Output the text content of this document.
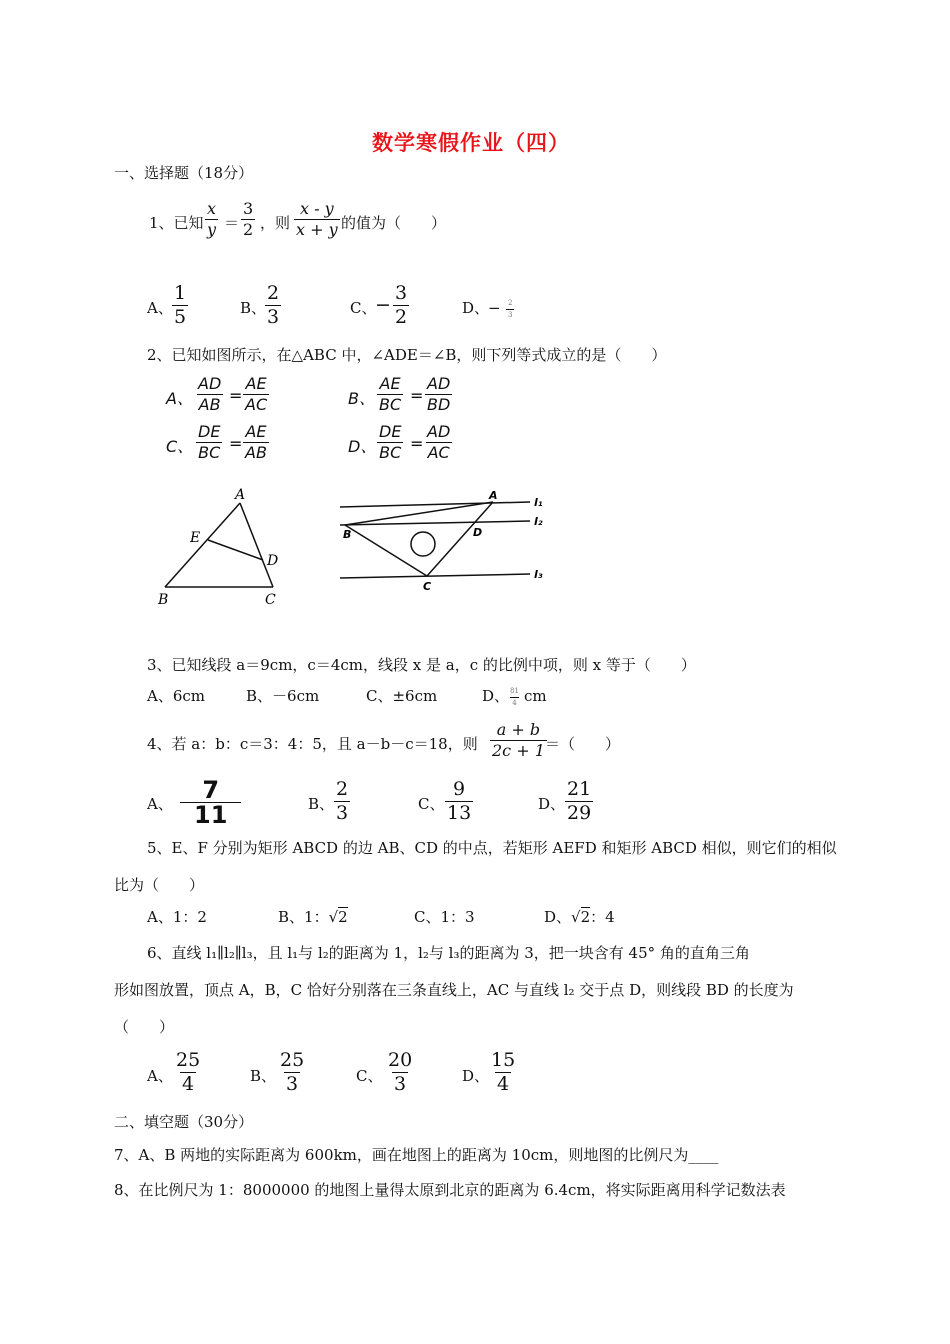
数学寒假作业（四）
一、选择题（18分）
1、已知 $\frac{x}{y} = \frac{3}{2}$ ，则 $\frac{x - y}{x + y}$ 的值为（　　）
A、 $\frac{1}{5}$	B、
$\frac{2}{3}$	C、
− $\frac{3}{2}$	D、
− $\frac{2}{3}$
2、已知如图所示，在△ABC 中，∠ADE＝∠B，则下列等式成立的是（　　）
A、 $\frac{AD}{AB} = \frac{AE}{AC}$	B、 $\frac{AE}{BC} = \frac{AD}{BD}$
C、 $\frac{DE}{BC} = \frac{AE}{AB}$	D、 $\frac{DE}{BC} = \frac{AD}{AC}$
A
E
D
B	C
A
B
C
D
l₁
l₂
l₃
3、已知线段 a＝9cm，c＝4cm，线段 x 是 a，c 的比例中项，则 x 等于（　　）
A、6cm	B、－6cm	C、±6cm	D、
$\frac{81}{4}$ cm
4、若 a：b：c＝3：4：5，且 a－b－c＝18，则 $\frac{a + b}{2c + 1}$
＝（　　）
A、 $\frac{7}{11}$	B、 $\frac{2}{3}$	C、 $\frac{9}{13}$	D、 $\frac{21}{29}$
5、E、F 分别为矩形 ABCD 的边 AB、CD 的中点，若矩形 AEFD 和矩形 ABCD 相似，则它们的相似
比为（　　）
A、1：2	B、1：√2	C、1：3	D、√2：4
6、直线 l₁∥l₂∥l₃，且 l₁与 l₂的距离为 1，l₂与 l₃的距离为 3，把一块含有 45° 角的直角三角
形如图放置，顶点 A，B，C 恰好分别落在三条直线上，AC 与直线 l₂ 交于点 D，则线段 BD 的长度为
（　　）
A、 $\frac{25}{4}$	B、 $\frac{25}{3}$	C、 $\frac{20}{3}$	D、 $\frac{15}{4}$
二、填空题（30分）
7、A、B 两地的实际距离为 600km，画在地图上的距离为 10cm，则地图的比例尺为____
8、在比例尺为 1：8000000 的地图上量得太原到北京的距离为 6.4cm，将实际距离用科学记数法表
